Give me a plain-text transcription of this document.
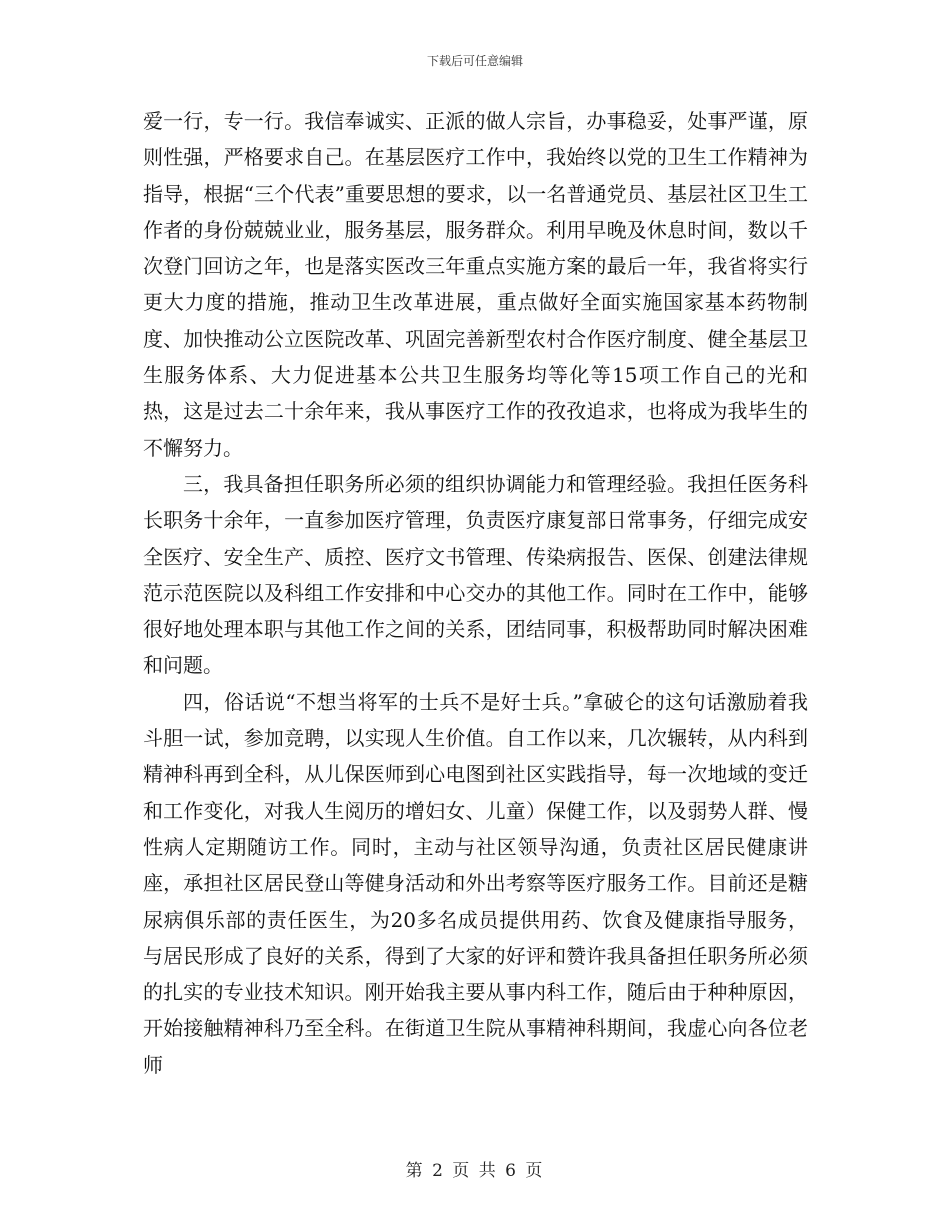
下载后可任意编辑

爱一行，专一行。我信奉诚实、正派的做人宗旨，办事稳妥，处事严谨，原则性强，严格要求自己。在基层医疗工作中，我始终以党的卫生工作精神为指导，根据“三个代表”重要思想的要求，以一名普通党员、基层社区卫生工作者的身份兢兢业业，服务基层，服务群众。利用早晚及休息时间，数以千次登门回访之年，也是落实医改三年重点实施方案的最后一年，我省将实行更大力度的措施，推动卫生改革进展，重点做好全面实施国家基本药物制度、加快推动公立医院改革、巩固完善新型农村合作医疗制度、健全基层卫生服务体系、大力促进基本公共卫生服务均等化等15项工作自己的光和热，这是过去二十余年来，我从事医疗工作的孜孜追求，也将成为我毕生的不懈努力。

三，我具备担任职务所必须的组织协调能力和管理经验。我担任医务科长职务十余年，一直参加医疗管理，负责医疗康复部日常事务，仔细完成安全医疗、安全生产、质控、医疗文书管理、传染病报告、医保、创建法律规范示范医院以及科组工作安排和中心交办的其他工作。同时在工作中，能够很好地处理本职与其他工作之间的关系，团结同事，积极帮助同时解决困难和问题。

四，俗话说“不想当将军的士兵不是好士兵。”拿破仑的这句话激励着我斗胆一试，参加竞聘，以实现人生价值。自工作以来，几次辗转，从内科到精神科再到全科，从儿保医师到心电图到社区实践指导，每一次地域的变迁和工作变化，对我人生阅历的增妇女、儿童）保健工作，以及弱势人群、慢性病人定期随访工作。同时，主动与社区领导沟通，负责社区居民健康讲座，承担社区居民登山等健身活动和外出考察等医疗服务工作。目前还是糖尿病俱乐部的责任医生，为20多名成员提供用药、饮食及健康指导服务，与居民形成了良好的关系，得到了大家的好评和赞许我具备担任职务所必须的扎实的专业技术知识。刚开始我主要从事内科工作，随后由于种种原因，开始接触精神科乃至全科。在街道卫生院从事精神科期间，我虚心向各位老师

第 2 页 共 6 页
